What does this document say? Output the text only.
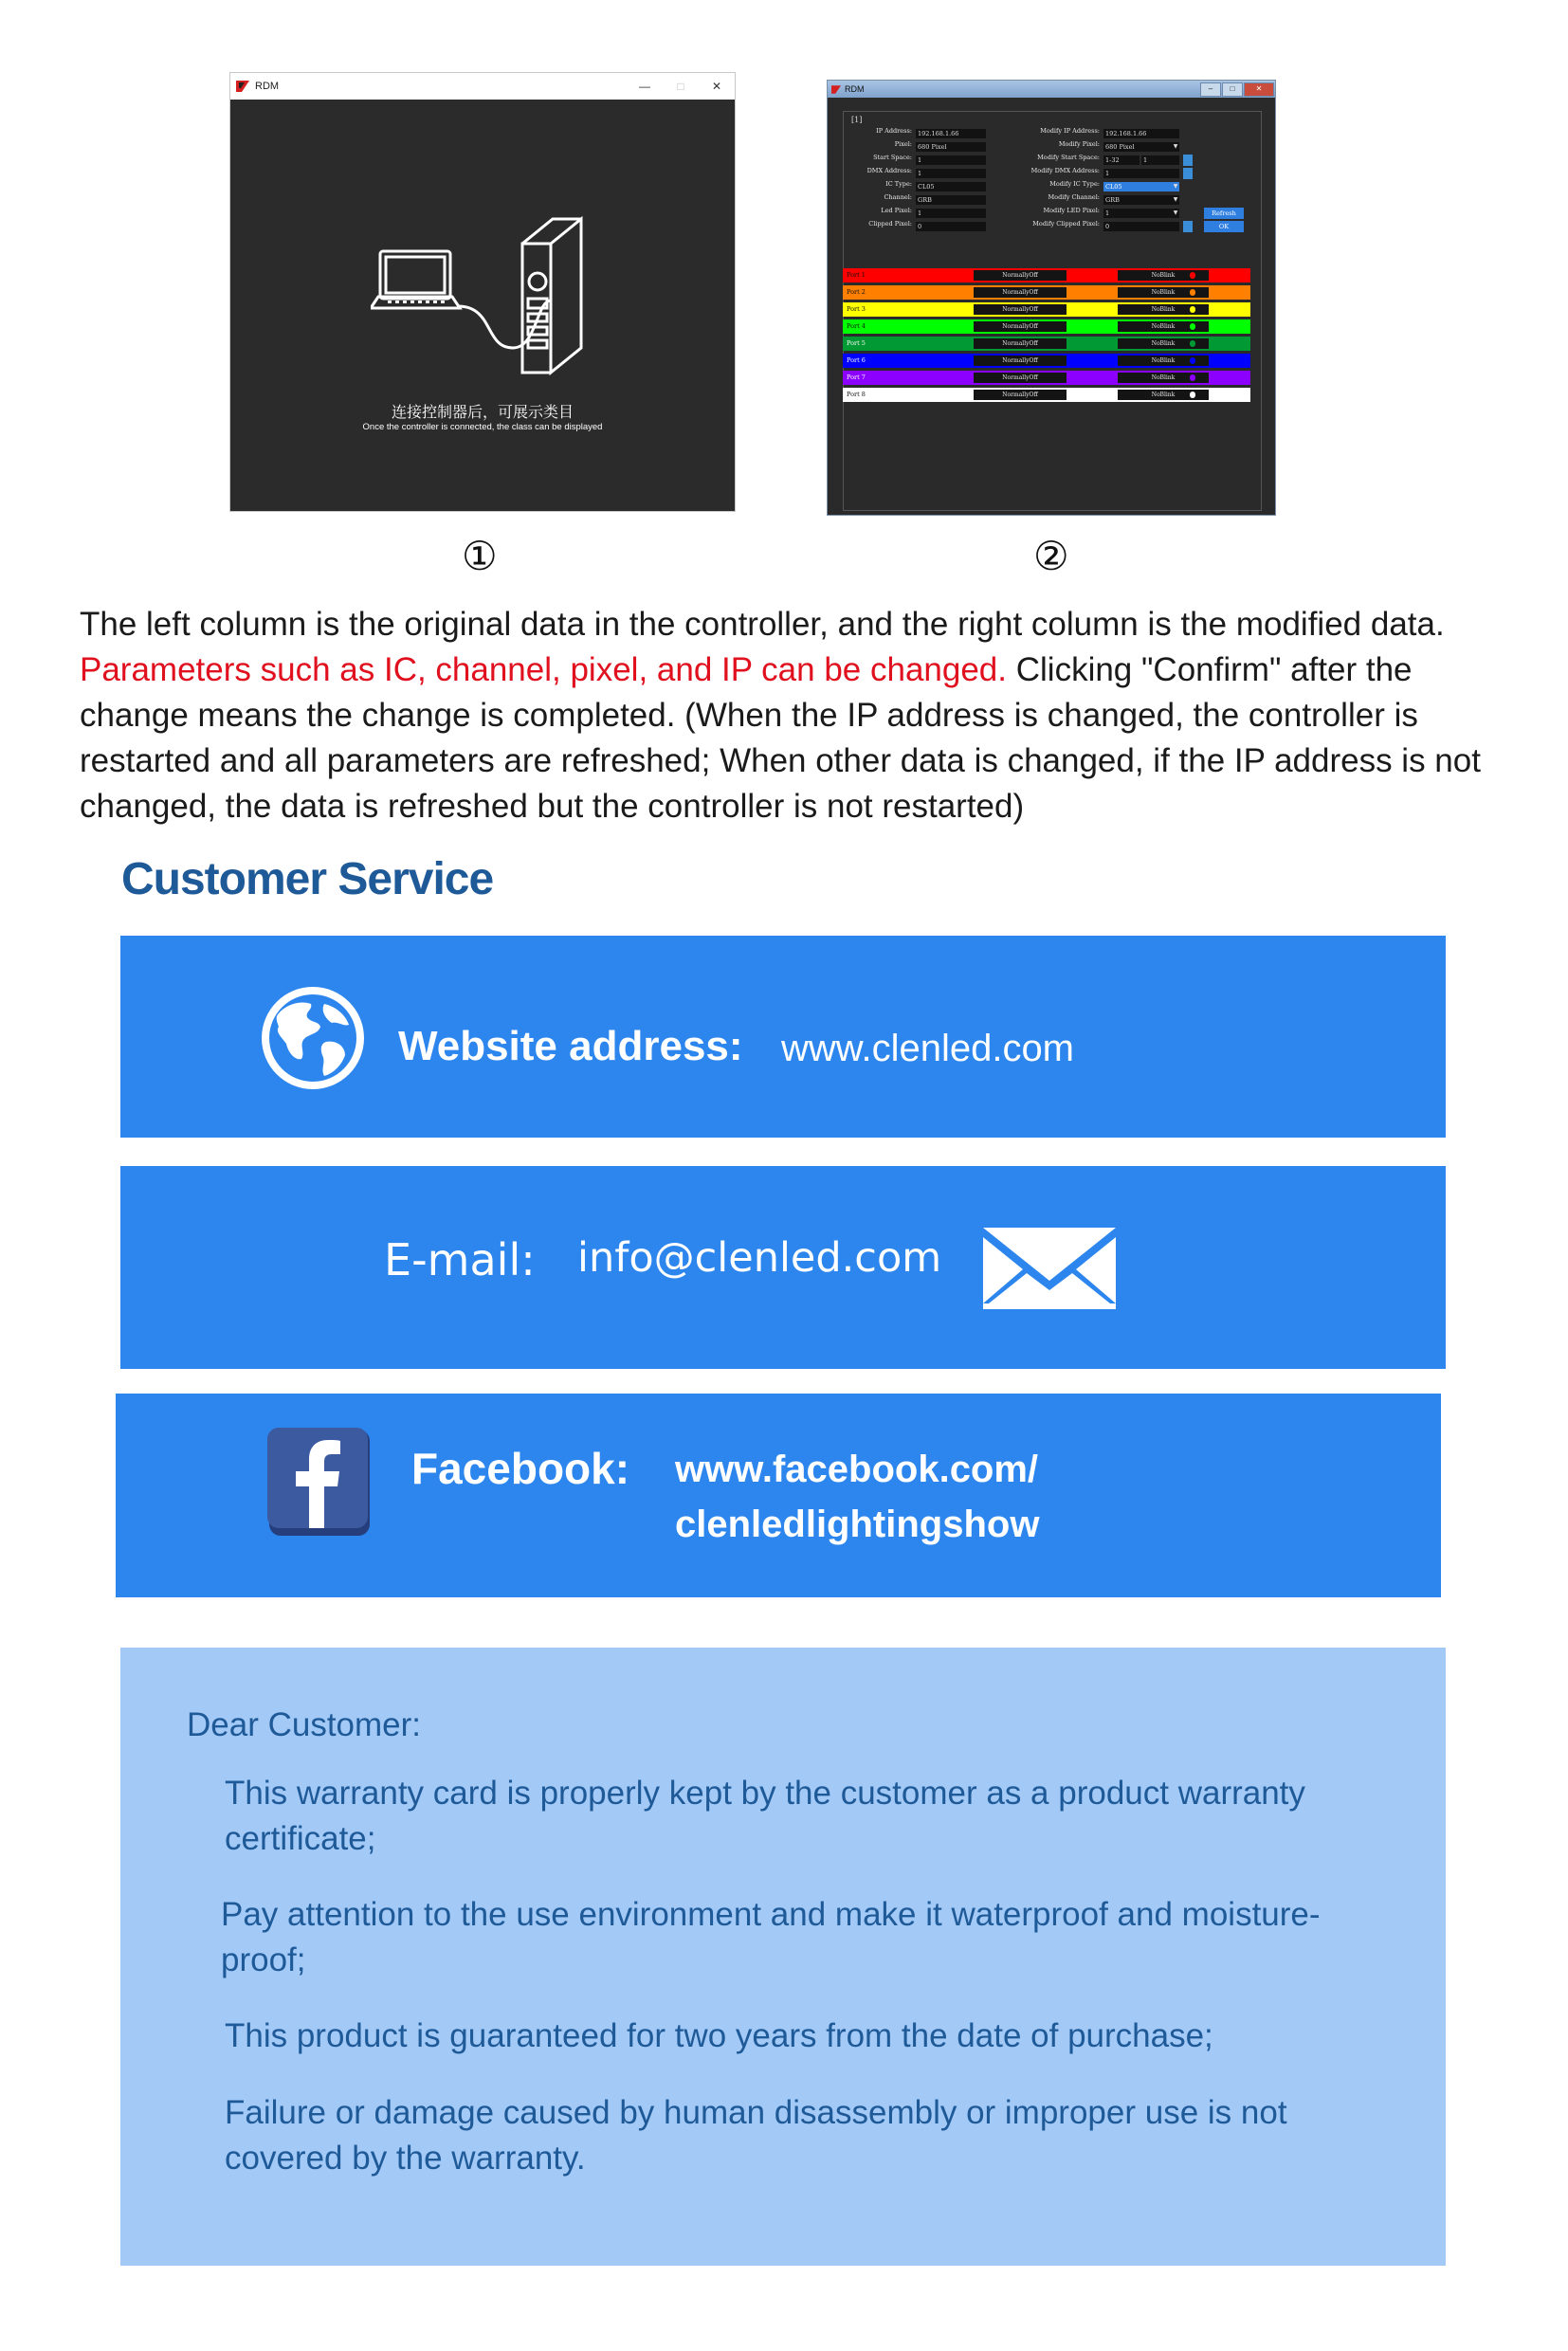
RDM	—	□	✕
连接控制器后，可展示类目
Once the controller is connected, the class can be displayed
①
RDM	–	□	✕
[1]
IP Address: 192.168.1.66	Modify IP Address: 192.168.1.66
Pixel: 680 Pixel	Modify Pixel: 680 Pixel	▼
Start Space: 1	Modify Start Space: 1-32	1
DMX Address: 1	Modify DMX Address: 1
IC Type: CL05	Modify IC Type: CL05	▼
Channel: GRB	Modify Channel: GRB	▼
Led Pixel: 1	Modify LED Pixel: 1	▼
Clipped Pixel: 0	Modify Clipped Pixel: 0
Refresh
OK
Port 1	NormallyOff	NoBlink
Port 2	NormallyOff	NoBlink
Port 3	NormallyOff	NoBlink
Port 4	NormallyOff	NoBlink
Port 5	NormallyOff	NoBlink
Port 6	NormallyOff	NoBlink
Port 7	NormallyOff	NoBlink
Port 8	NormallyOff	NoBlink
②
The left column is the original data in the controller, and the right column is the modified data. Parameters such as IC, channel, pixel, and IP can be changed. Clicking "Confirm" after the change means the change is completed. (When the IP address is changed, the controller is restarted and all parameters are refreshed; When other data is changed, if the IP address is not changed, the data is refreshed but the controller is not restarted)
Customer Service
Website address: www.clenled.com
E-mail: info@clenled.com
Facebook: www.facebook.com/
clenledlightingshow
Dear Customer:
This warranty card is properly kept by the customer as a product warranty certificate;
Pay attention to the use environment and make it waterproof and moisture-proof;
This product is guaranteed for two years from the date of purchase;
Failure or damage caused by human disassembly or improper use is not covered by the warranty.
